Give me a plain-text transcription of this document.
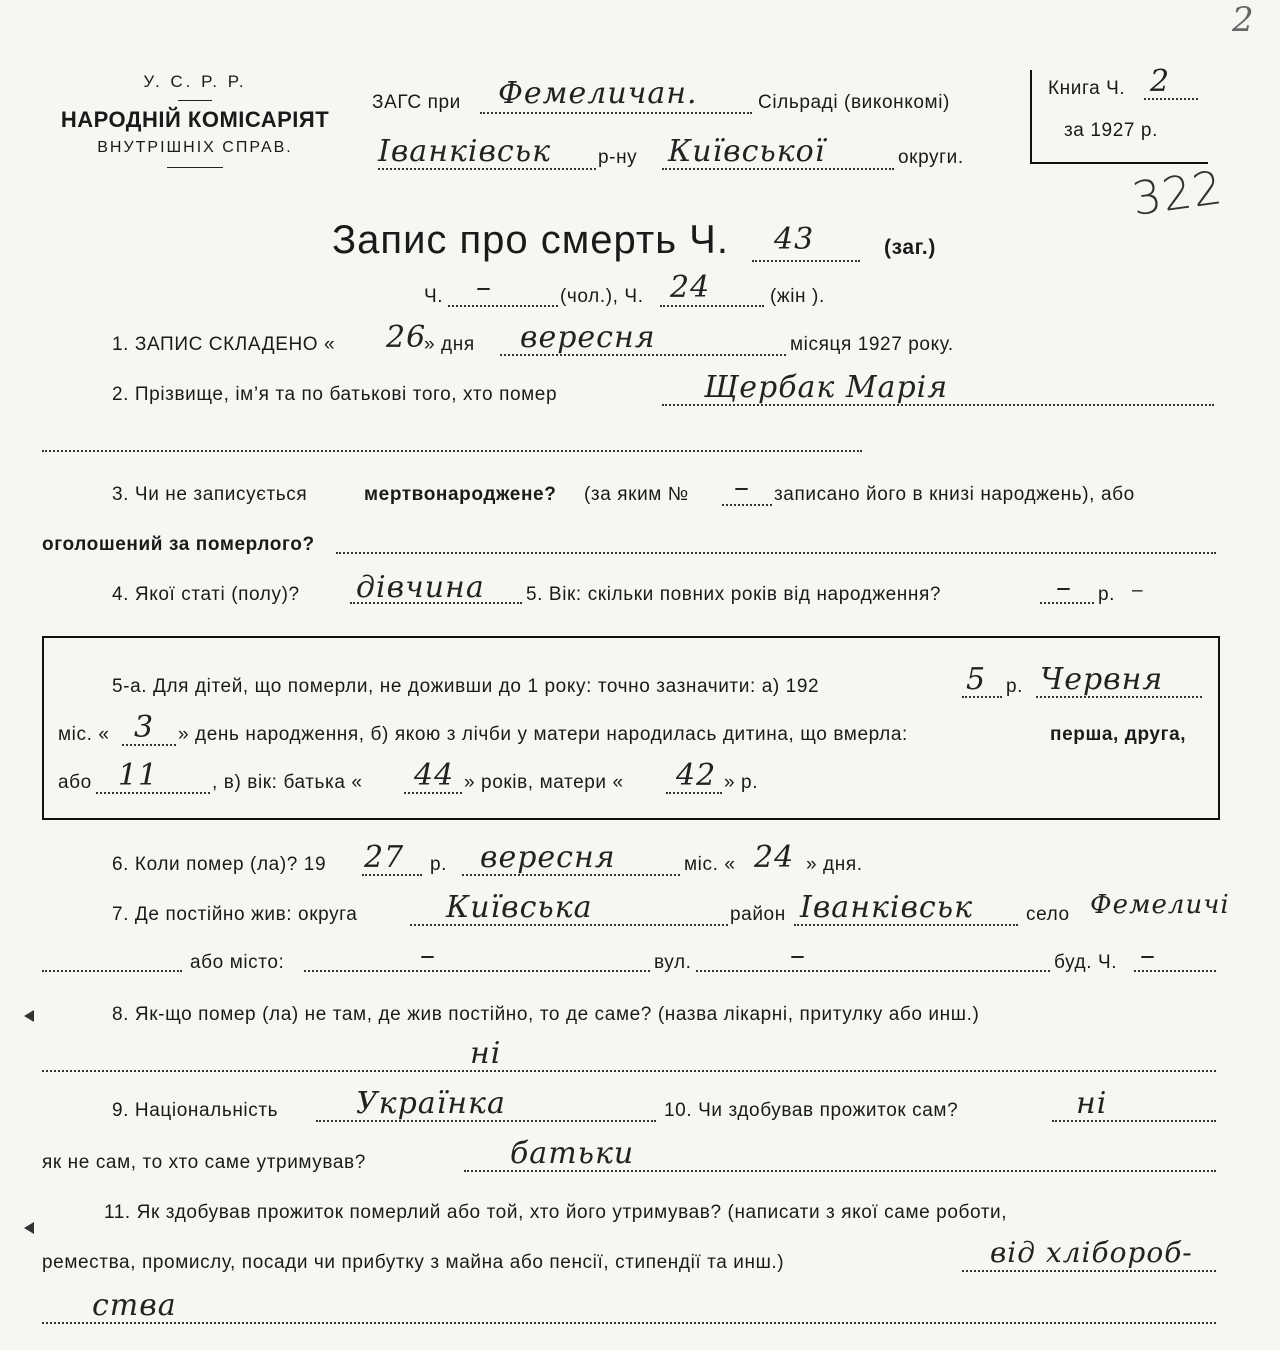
У. С. Р. Р.
НАРОДНІЙ КОМІСАРІЯТ
ВНУТРІШНІХ СПРАВ.
ЗАГС при Фемеличан.	Сільраді (виконкомі)
Іванківськ р-ну Київської	округи.
Книга Ч. 2
за 1927 р.
322
2
Запис про смерть Ч. 43	(заг.)
Ч. –	(чол.), Ч. 24	(жін ).
1. ЗАПИС СКЛАДЕНО « 26
» дня вересня	місяця 1927 року.
2. Прізвище, ім’я та по батькові того, хто помер	Щербак Марія
3. Чи не записується	мертвонароджене? (за яким № – записано його в книзі народжень), або
оголошений за померлого?
4. Якої статі (полу)? дівчина 5. Вік: скільки повних років від народження?	– р. –
5-а. Для дітей, що померли, не доживши до 1 року: точно зазначити: а) 192	5 р. Червня
міс. « 3 » день народження, б) якою з лічби у матери народилась дитина, що вмерла:	перша, друга,
або 11	, в) вік: батька « 44 » років, матери « 42 » р.
6. Коли помер (ла)? 19 27 р. вересня	міс. « 24 » дня.
7. Де постійно жив: округа	Київська	район Іванківськ	село Фемеличі
або місто:	–	вул.	–	буд. Ч. –
8. Як-що помер (ла) не там, де жив постійно, то де саме? (назва лікарні, притулку або инш.)
ні
9. Національність	Українка	10. Чи здобував прожиток сам?	ні
як не сам, то хто саме утримував?	батьки
11. Як здобував прожиток померлий або той, хто його утримував? (написати з якої саме роботи,
ремества, промислу, посади чи прибутку з майна або пенсії, стипендії та инш.)	від хлібороб-
ства
